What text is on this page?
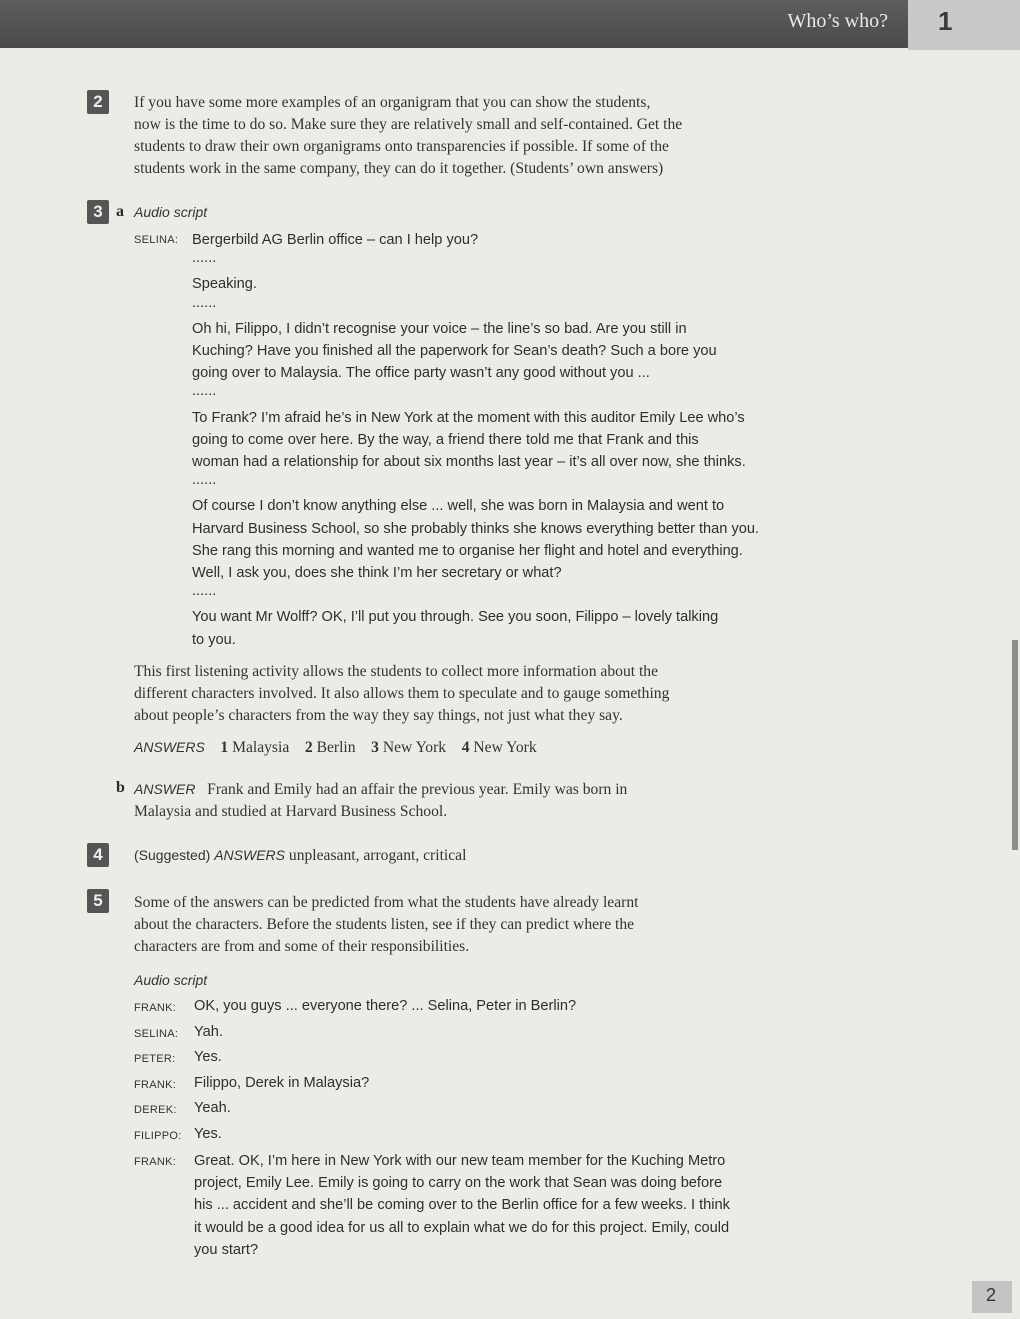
Who’s who? 1
2	If you have some more examples of an organigram that you can show the students,
now is the time to do so. Make sure they are relatively small and self-contained. Get the
students to draw their own organigrams onto transparencies if possible. If some of the
students work in the same company, they can do it together. (Students’ own answers)
3 a Audio script
SELINA: Bergerbild AG Berlin office – can I help you?

......

Speaking.

......

Oh hi, Filippo, I didn’t recognise your voice – the line’s so bad. Are you still in

Kuching? Have you finished all the paperwork for Sean’s death? Such a bore you

going over to Malaysia. The office party wasn’t any good without you ...

......

To Frank? I’m afraid he’s in New York at the moment with this auditor Emily Lee who’s

going to come over here. By the way, a friend there told me that Frank and this

woman had a relationship for about six months last year – it’s all over now, she thinks.

......

Of course I don’t know anything else ... well, she was born in Malaysia and went to

Harvard Business School, so she probably thinks she knows everything better than you.

She rang this morning and wanted me to organise her flight and hotel and everything.

Well, I ask you, does she think I’m her secretary or what?

......

You want Mr Wolff? OK, I’ll put you through. See you soon, Filippo – lovely talking

to you.

This first listening activity allows the students to collect more information about the
different characters involved. It also allows them to speculate and to gauge something
about people’s characters from the way they say things, not just what they say.
ANSWERS 1 Malaysia 2 Berlin 3 New York 4 New York
b ANSWER Frank and Emily had an affair the previous year. Emily was born in
Malaysia and studied at Harvard Business School.
4	(Suggested) ANSWERS unpleasant, arrogant, critical
5	Some of the answers can be predicted from what the students have already learnt
about the characters. Before the students listen, see if they can predict where the
characters are from and some of their responsibilities.
Audio script
FRANK: OK, you guys ... everyone there? ... Selina, Peter in Berlin?
SELINA: Yah.
PETER: Yes.
FRANK: Filippo, Derek in Malaysia?
DEREK: Yeah.
FILIPPO: Yes.
FRANK: Great. OK, I’m here in New York with our new team member for the Kuching Metro

project, Emily Lee. Emily is going to carry on the work that Sean was doing before

his ... accident and she’ll be coming over to the Berlin office for a few weeks. I think

it would be a good idea for us all to explain what we do for this project. Emily, could

you start?

2
